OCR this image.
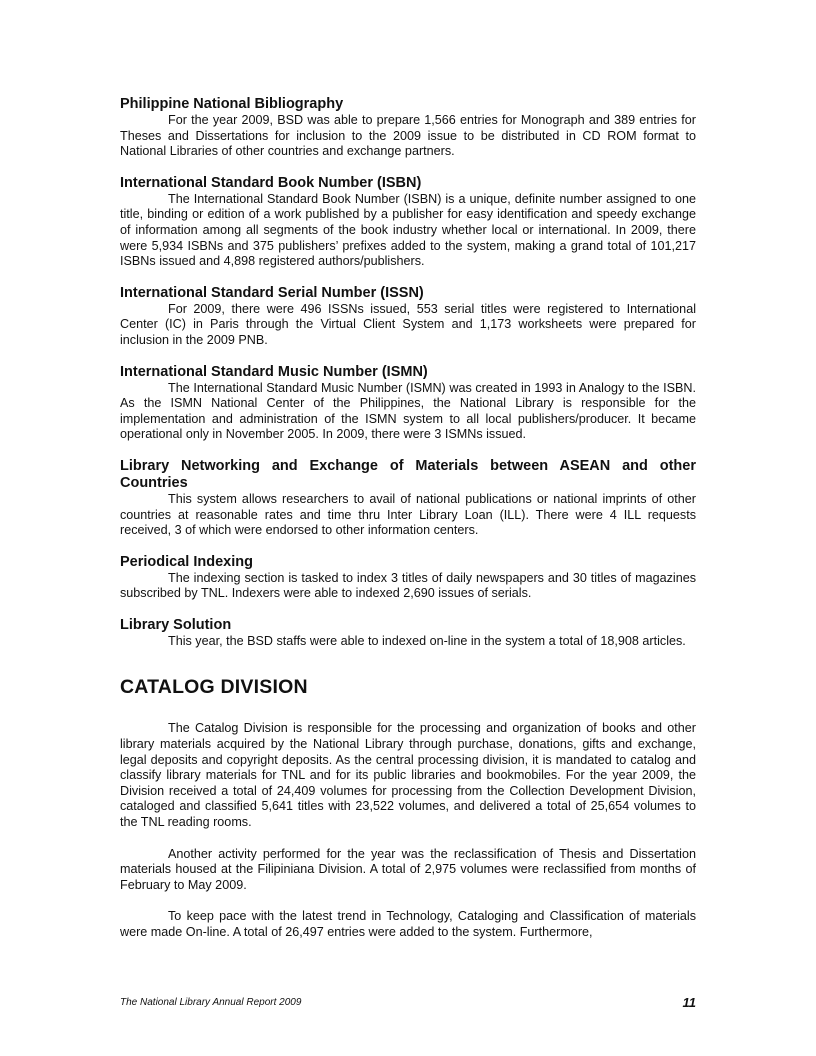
Philippine National Bibliography

For the year 2009, BSD was able to prepare 1,566 entries for Monograph and 389 entries for Theses and Dissertations for inclusion to the 2009 issue to be distributed in CD ROM format to National Libraries of other countries and exchange partners.

International Standard Book Number (ISBN)

The International Standard Book Number (ISBN) is a unique, definite number assigned to one title, binding or edition of a work published by a publisher for easy identification and speedy exchange of information among all segments of the book industry whether local or international. In 2009, there were 5,934 ISBNs and 375 publishers’ prefixes added to the system, making a grand total of 101,217 ISBNs issued and 4,898 registered authors/publishers.

International Standard Serial Number (ISSN)

For 2009, there were 496 ISSNs issued, 553 serial titles were registered to International Center (IC) in Paris through the Virtual Client System and 1,173 worksheets were prepared for inclusion in the 2009 PNB.

International Standard Music Number (ISMN)

The International Standard Music Number (ISMN) was created in 1993 in Analogy to the ISBN. As the ISMN National Center of the Philippines, the National Library is responsible for the implementation and administration of the ISMN system to all local publishers/producer. It became operational only in November 2005. In 2009, there were 3 ISMNs issued.

Library Networking and Exchange of Materials between ASEAN and other Countries

This system allows researchers to avail of national publications or national imprints of other countries at reasonable rates and time thru Inter Library Loan (ILL). There were 4 ILL requests received, 3 of which were endorsed to other information centers.

Periodical Indexing

The indexing section is tasked to index 3 titles of daily newspapers and 30 titles of magazines subscribed by TNL. Indexers were able to indexed 2,690 issues of serials.

Library Solution

This year, the BSD staffs were able to indexed on-line in the system a total of 18,908 articles.

CATALOG DIVISION

The Catalog Division is responsible for the processing and organization of books and other library materials acquired by the National Library through purchase, donations, gifts and exchange, legal deposits and copyright deposits. As the central processing division, it is mandated to catalog and classify library materials for TNL and for its public libraries and bookmobiles. For the year 2009, the Division received a total of 24,409 volumes for processing from the Collection Development Division, cataloged and classified 5,641 titles with 23,522 volumes, and delivered a total of 25,654 volumes to the TNL reading rooms.

Another activity performed for the year was the reclassification of Thesis and Dissertation materials housed at the Filipiniana Division. A total of 2,975 volumes were reclassified from months of February to May 2009.

To keep pace with the latest trend in Technology, Cataloging and Classification of materials were made On-line. A total of 26,497 entries were added to the system. Furthermore,

The National Library Annual Report 2009	11
